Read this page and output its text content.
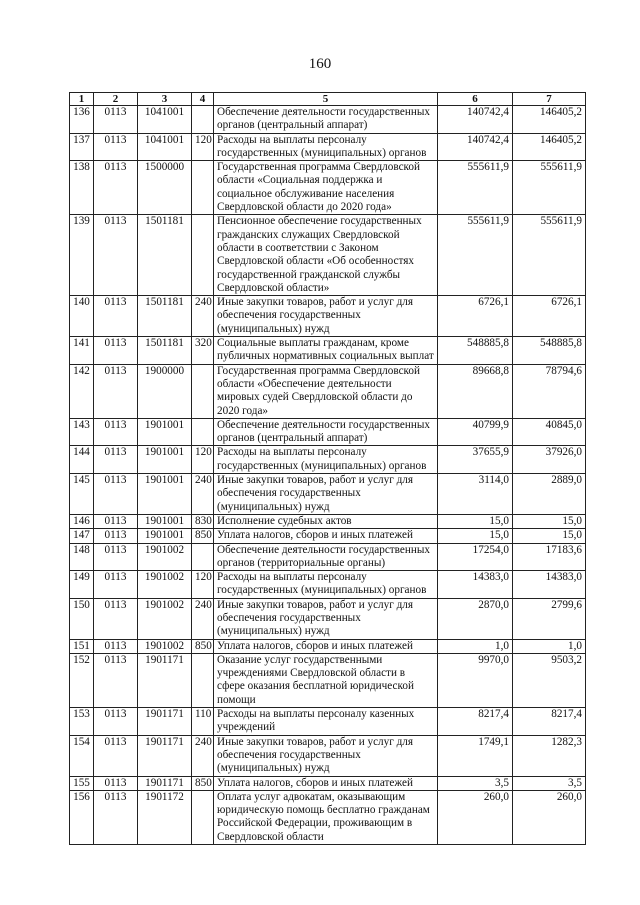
160
1	2	3	4	5	6	7
136	0113	1041001		Обеспечение деятельности государственных органов (центральный аппарат)	140742,4	146405,2
137	0113	1041001	120	Расходы на выплаты персоналу государственных (муниципальных) органов	140742,4	146405,2
138	0113	1500000		Государственная программа Свердловской области «Социальная поддержка и социальное обслуживание населения Свердловской области до 2020 года»	555611,9	555611,9
139	0113	1501181		Пенсионное обеспечение государственных гражданских служащих Свердловской области в соответствии с Законом Свердловской области «Об особенностях государственной гражданской службы Свердловской области»	555611,9	555611,9
140	0113	1501181	240	Иные закупки товаров, работ и услуг для обеспечения государственных (муниципальных) нужд	6726,1	6726,1
141	0113	1501181	320	Социальные выплаты гражданам, кроме публичных нормативных социальных выплат	548885,8	548885,8
142	0113	1900000		Государственная программа Свердловской области «Обеспечение деятельности мировых судей Свердловской области до 2020 года»	89668,8	78794,6
143	0113	1901001		Обеспечение деятельности государственных органов (центральный аппарат)	40799,9	40845,0
144	0113	1901001	120	Расходы на выплаты персоналу государственных (муниципальных) органов	37655,9	37926,0
145	0113	1901001	240	Иные закупки товаров, работ и услуг для обеспечения государственных (муниципальных) нужд	3114,0	2889,0
146	0113	1901001	830	Исполнение судебных актов	15,0	15,0
147	0113	1901001	850	Уплата налогов, сборов и иных платежей	15,0	15,0
148	0113	1901002		Обеспечение деятельности государственных органов (территориальные органы)	17254,0	17183,6
149	0113	1901002	120	Расходы на выплаты персоналу государственных (муниципальных) органов	14383,0	14383,0
150	0113	1901002	240	Иные закупки товаров, работ и услуг для обеспечения государственных (муниципальных) нужд	2870,0	2799,6
151	0113	1901002	850	Уплата налогов, сборов и иных платежей	1,0	1,0
152	0113	1901171		Оказание услуг государственными учреждениями Свердловской области в сфере оказания бесплатной юридической помощи	9970,0	9503,2
153	0113	1901171	110	Расходы на выплаты персоналу казенных учреждений	8217,4	8217,4
154	0113	1901171	240	Иные закупки товаров, работ и услуг для обеспечения государственных (муниципальных) нужд	1749,1	1282,3
155	0113	1901171	850	Уплата налогов, сборов и иных платежей	3,5	3,5
156	0113	1901172		Оплата услуг адвокатам, оказывающим юридическую помощь бесплатно гражданам Российской Федерации, проживающим в Свердловской области	260,0	260,0
